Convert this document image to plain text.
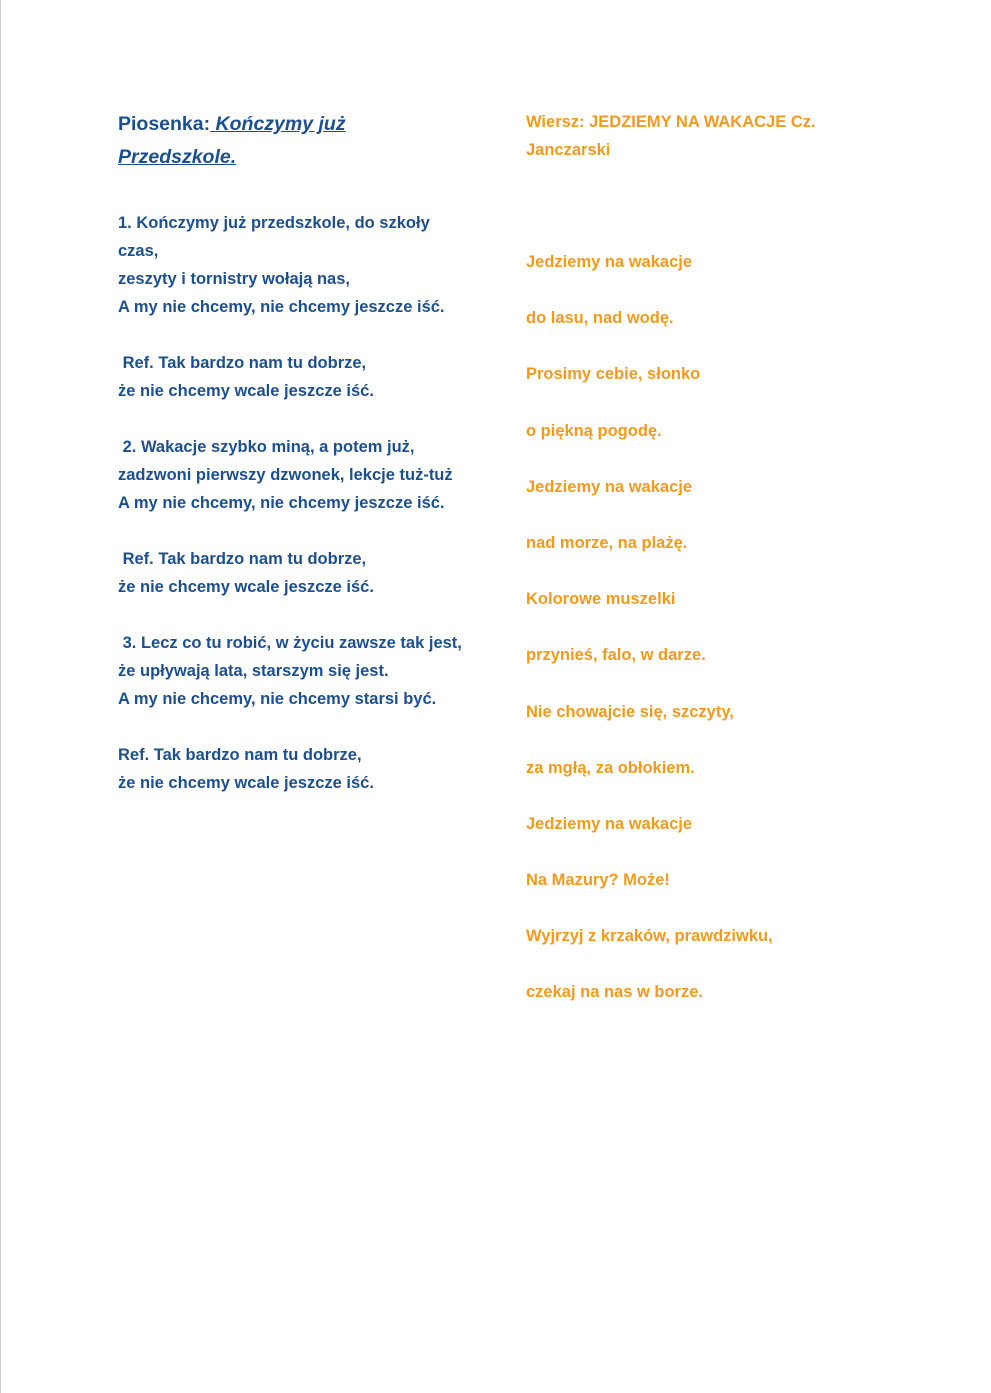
Piosenka: Kończymy już Przedszkole.

1. Kończymy już przedszkole, do szkoły czas,
zeszyty i tornistry wołają nas,
A my nie chcemy, nie chcemy jeszcze iść.
Ref. Tak bardzo nam tu dobrze,
że nie chcemy wcale jeszcze iść.
2. Wakacje szybko miną, a potem już,
zadzwoni pierwszy dzwonek, lekcje tuż-tuż
A my nie chcemy, nie chcemy jeszcze iść.
Ref. Tak bardzo nam tu dobrze,
że nie chcemy wcale jeszcze iść.
3. Lecz co tu robić, w życiu zawsze tak jest,
że upływają lata, starszym się jest.
A my nie chcemy, nie chcemy starsi być.
Ref. Tak bardzo nam tu dobrze,
że nie chcemy wcale jeszcze iść.

Wiersz: JEDZIEMY NA WAKACJE Cz. Janczarski

Jedziemy na wakacje
do lasu, nad wodę.
Prosimy cebie, słonko
o piękną pogodę.
Jedziemy na wakacje
nad morze, na plażę.
Kolorowe muszelki
przynieś, falo, w darze.
Nie chowajcie się, szczyty,
za mgłą, za obłokiem.
Jedziemy na wakacje
Na Mazury? Może!
Wyjrzyj z krzaków, prawdziwku,
czekaj na nas w borze.
